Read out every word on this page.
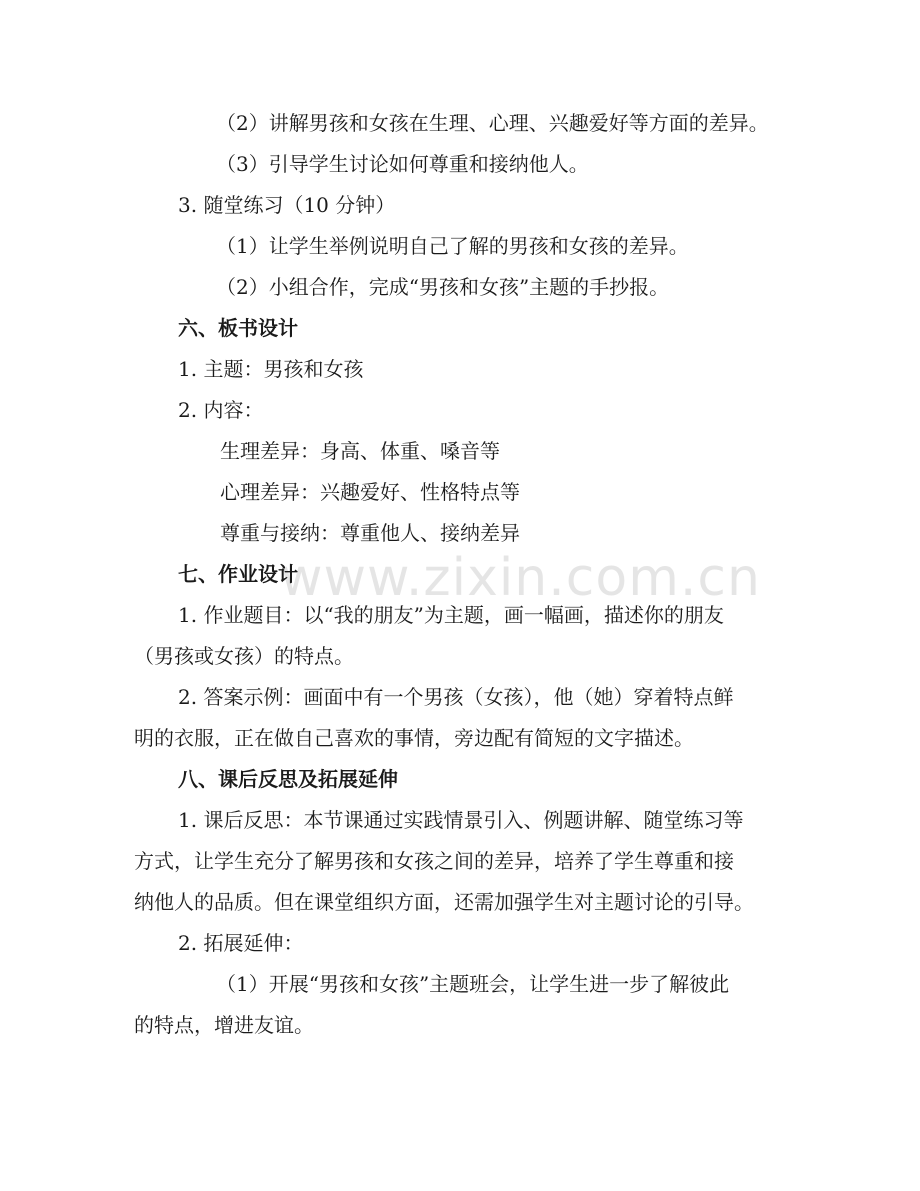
www.zixin.com.cn
（2）讲解男孩和女孩在生理、心理、兴趣爱好等方面的差异。
（3）引导学生讨论如何尊重和接纳他人。
3. 随堂练习（10 分钟）
（1）让学生举例说明自己了解的男孩和女孩的差异。
（2）小组合作，完成“男孩和女孩”主题的手抄报。
六、板书设计
1. 主题：男孩和女孩
2. 内容：
生理差异：身高、体重、嗓音等
心理差异：兴趣爱好、性格特点等
尊重与接纳：尊重他人、接纳差异
七、作业设计
1. 作业题目：以“我的朋友”为主题，画一幅画，描述你的朋友
（男孩或女孩）的特点。
2. 答案示例：画面中有一个男孩（女孩），他（她）穿着特点鲜
明的衣服，正在做自己喜欢的事情，旁边配有简短的文字描述。
八、课后反思及拓展延伸
1. 课后反思：本节课通过实践情景引入、例题讲解、随堂练习等
方式，让学生充分了解男孩和女孩之间的差异，培养了学生尊重和接
纳他人的品质。但在课堂组织方面，还需加强学生对主题讨论的引导。
2. 拓展延伸：
（1）开展“男孩和女孩”主题班会，让学生进一步了解彼此
的特点，增进友谊。
